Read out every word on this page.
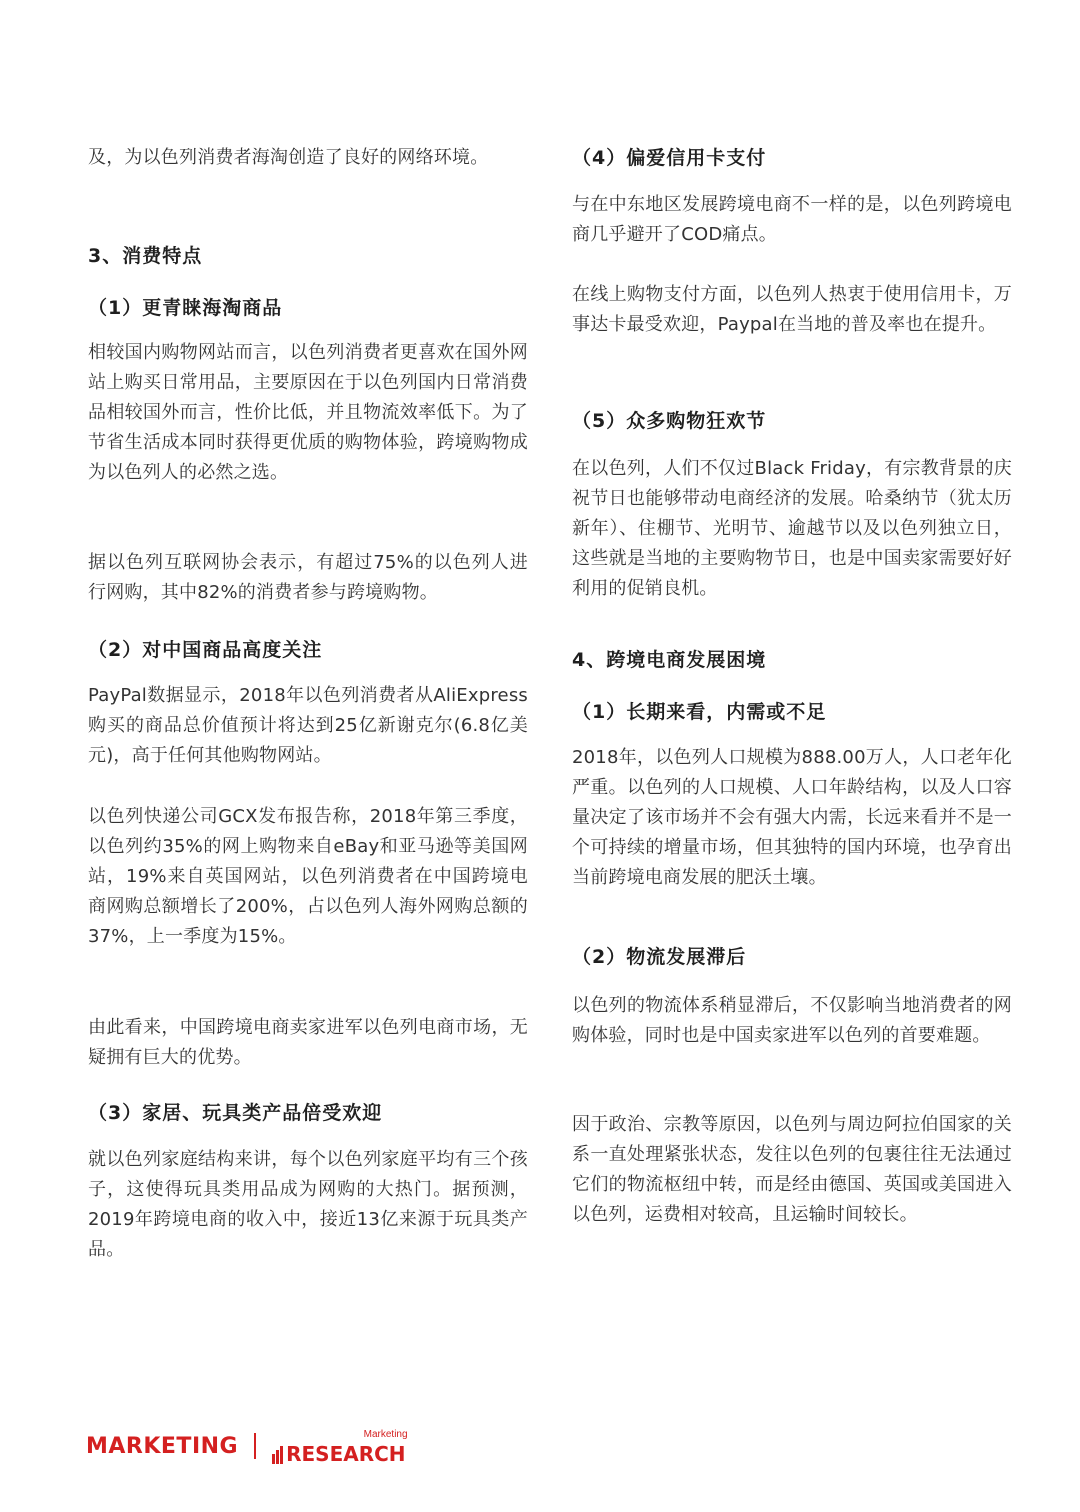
及，为以色列消费者海淘创造了良好的网络环境。

3、消费特点

（1）更青睐海淘商品

相较国内购物网站而言，以色列消费者更喜欢在国外网站上购买日常用品，主要原因在于以色列国内日常消费品相较国外而言，性价比低，并且物流效率低下。为了节省生活成本同时获得更优质的购物体验，跨境购物成为以色列人的必然之选。

据以色列互联网协会表示，有超过75%的以色列人进行网购，其中82%的消费者参与跨境购物。

（2）对中国商品高度关注

PayPal数据显示，2018年以色列消费者从AliExpress购买的商品总价值预计将达到25亿新谢克尔(6.8亿美元)，高于任何其他购物网站。

以色列快递公司GCX发布报告称，2018年第三季度，以色列约35%的网上购物来自eBay和亚马逊等美国网站，19%来自英国网站，以色列消费者在中国跨境电商网购总额增长了200%，占以色列人海外网购总额的37%，上一季度为15%。

由此看来，中国跨境电商卖家进军以色列电商市场，无疑拥有巨大的优势。

（3）家居、玩具类产品倍受欢迎

就以色列家庭结构来讲，每个以色列家庭平均有三个孩子，这使得玩具类用品成为网购的大热门。据预测，2019年跨境电商的收入中，接近13亿来源于玩具类产品。

（4）偏爱信用卡支付

与在中东地区发展跨境电商不一样的是，以色列跨境电商几乎避开了COD痛点。

在线上购物支付方面，以色列人热衷于使用信用卡，万事达卡最受欢迎，Paypal在当地的普及率也在提升。

（5）众多购物狂欢节

在以色列，人们不仅过Black Friday，有宗教背景的庆祝节日也能够带动电商经济的发展。哈桑纳节（犹太历新年）、住棚节、光明节、逾越节以及以色列独立日，这些就是当地的主要购物节日，也是中国卖家需要好好利用的促销良机。

4、跨境电商发展困境

（1）长期来看，内需或不足

2018年，以色列人口规模为888.00万人，人口老年化严重。以色列的人口规模、人口年龄结构，以及人口容量决定了该市场并不会有强大内需，长远来看并不是一个可持续的增量市场，但其独特的国内环境，也孕育出当前跨境电商发展的肥沃土壤。

（2）物流发展滞后

以色列的物流体系稍显滞后，不仅影响当地消费者的网购体验，同时也是中国卖家进军以色列的首要难题。

因于政治、宗教等原因，以色列与周边阿拉伯国家的关系一直处理紧张状态，发往以色列的包裹往往无法通过它们的物流枢纽中转，而是经由德国、英国或美国进入以色列，运费相对较高，且运输时间较长。

MARKETING RESEARCH
Marketing
